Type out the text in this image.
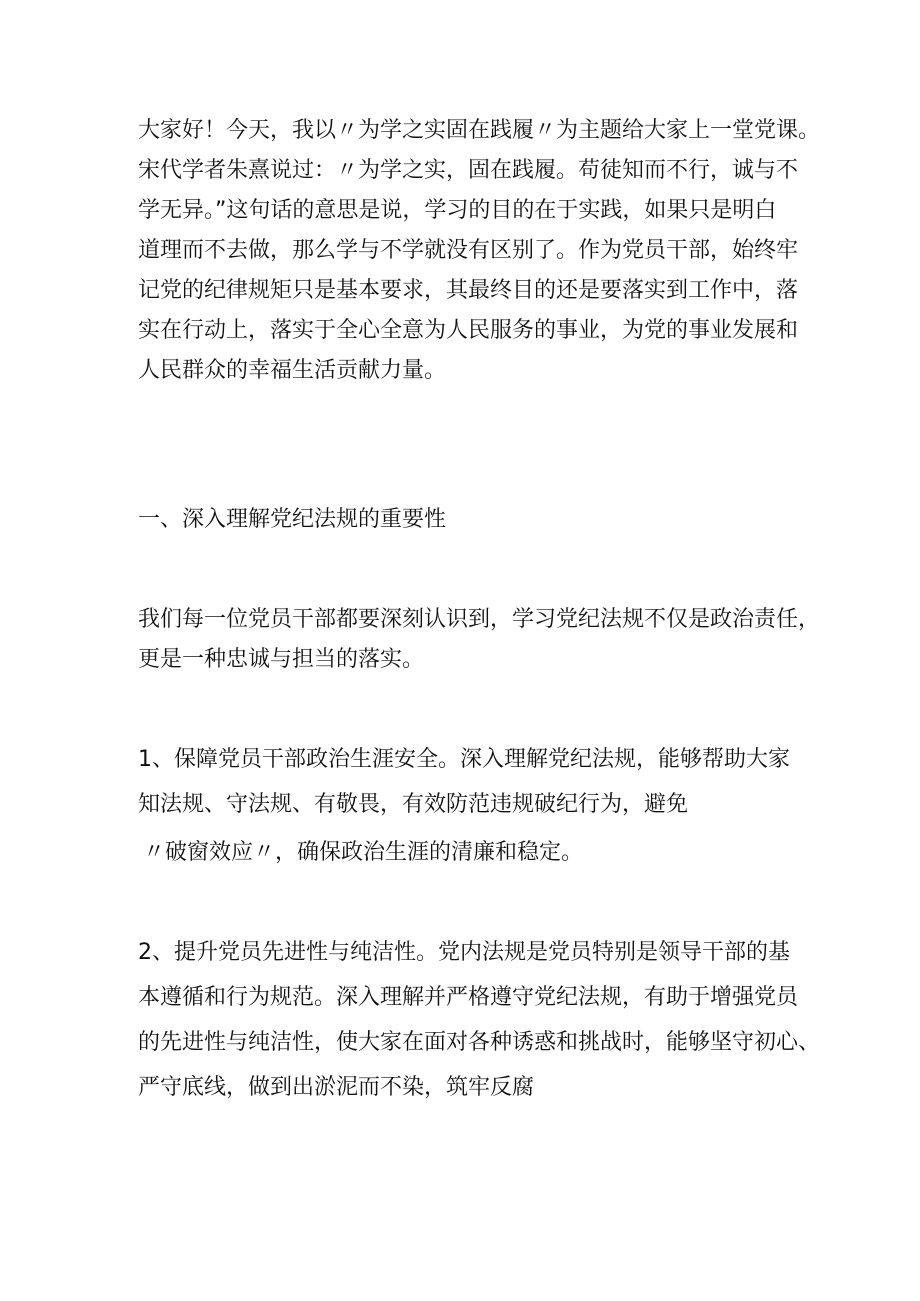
大家好！今天，我以〃为学之实固在践履〃为主题给大家上一堂党课。
宋代学者朱熹说过：〃为学之实，固在践履。苟徒知而不行，诚与不
学无异。”这句话的意思是说，学习的目的在于实践，如果只是明白
道理而不去做，那么学与不学就没有区别了。作为党员干部，始终牢
记党的纪律规矩只是基本要求，其最终目的还是要落实到工作中，落
实在行动上，落实于全心全意为人民服务的事业，为党的事业发展和
人民群众的幸福生活贡献力量。
一、深入理解党纪法规的重要性
我们每一位党员干部都要深刻认识到，学习党纪法规不仅是政治责任，
更是一种忠诚与担当的落实。
1、保障党员干部政治生涯安全。深入理解党纪法规，能够帮助大家
知法规、守法规、有敬畏，有效防范违规破纪行为，避免
〃破窗效应〃，确保政治生涯的清廉和稳定。
2、提升党员先进性与纯洁性。党内法规是党员特别是领导干部的基
本遵循和行为规范。深入理解并严格遵守党纪法规，有助于增强党员
的先进性与纯洁性，使大家在面对各种诱惑和挑战时，能够坚守初心、
严守底线，做到出淤泥而不染，筑牢反腐
